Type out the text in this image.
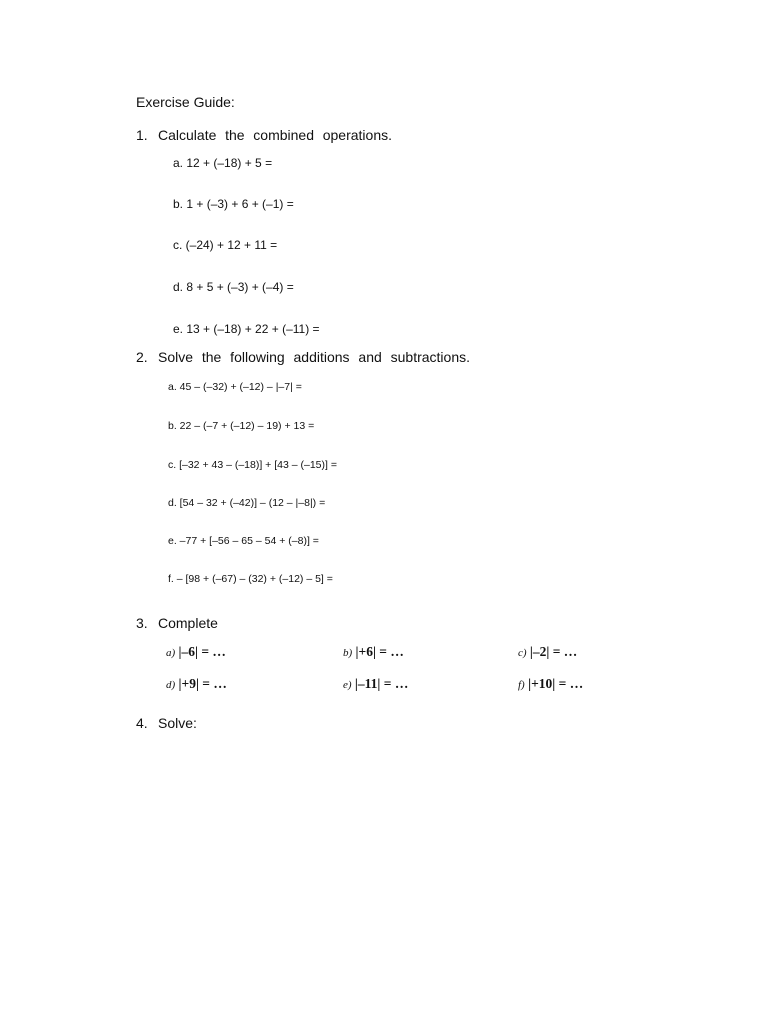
Exercise Guide:
1. Calculate the combined operations.
a. 12 + (–18) + 5 =
b. 1 + (–3) + 6 + (–1) =
c. (–24) + 12 + 11 =
d. 8 + 5 + (–3) + (–4) =
e. 13 + (–18) + 22 + (–11) =
2. Solve the following additions and subtractions.
a. 45 – (–32) + (–12) – |–7| =
b. 22 – (–7 + (–12) – 19) + 13 =
c. [–32 + 43 – (–18)] + [43 – (–15)] =
d. [54 – 32 + (–42)] – (12 – |–8|) =
e. –77 + [–56 – 65 – 54 + (–8)] =
f. – [98 + (–67) – (32) + (–12) – 5] =
3. Complete
a) |–6| = …	b) |+6| = …	c) |–2| = …
d) |+9| = …	e) |–11| = …	f) |+10| = …
4. Solve:
